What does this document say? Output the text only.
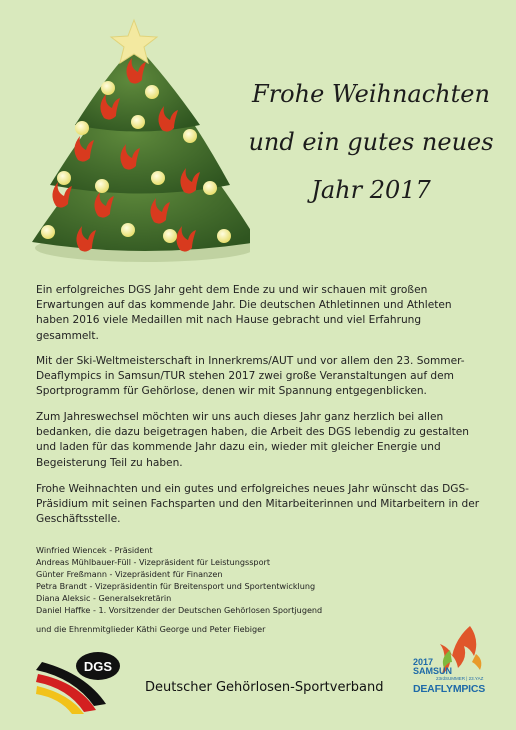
Frohe Weihnachten
und ein gutes neues
Jahr 2017
Ein erfolgreiches DGS Jahr geht dem Ende zu und wir schauen mit großen Erwartungen auf das kommende Jahr. Die deutschen Athletinnen und Athleten haben 2016 viele Medaillen mit nach Hause gebracht und viel Erfahrung gesammelt.
Mit der Ski-Weltmeisterschaft in Innerkrems/AUT und vor allem den 23. Sommer-Deaflympics in Samsun/TUR stehen 2017 zwei große Veranstaltungen auf dem Sportprogramm für Gehörlose, denen wir mit Spannung entgegenblicken.
Zum Jahreswechsel möchten wir uns auch dieses Jahr ganz herzlich bei allen bedanken, die dazu beigetragen haben, die Arbeit des DGS lebendig zu gestalten und laden für das kommende Jahr dazu ein, wieder mit gleicher Energie und Begeisterung Teil zu haben.
Frohe Weihnachten und ein gutes und erfolgreiches neues Jahr wünscht das DGS-Präsidium mit seinen Fachsparten und den Mitarbeiterinnen und Mitarbeitern in der Geschäftsstelle.
Winfried Wiencek - Präsident
Andreas Mühlbauer-Füll - Vizepräsident für Leistungssport
Günter Freßmann - Vizepräsident für Finanzen
Petra Brandt - Vizepräsidentin für Breitensport und Sportentwicklung
Diana Aleksic - Generalsekretärin
Daniel Haffke - 1. Vorsitzender der Deutschen Gehörlosen Sportjugend
und die Ehrenmitglieder Käthi George und Peter Fiebiger
DGS
Deutscher Gehörlosen-Sportverband
2017
SAMSUN
23rdSUMMER | 23.YAZ
DEAFLYMPICS
